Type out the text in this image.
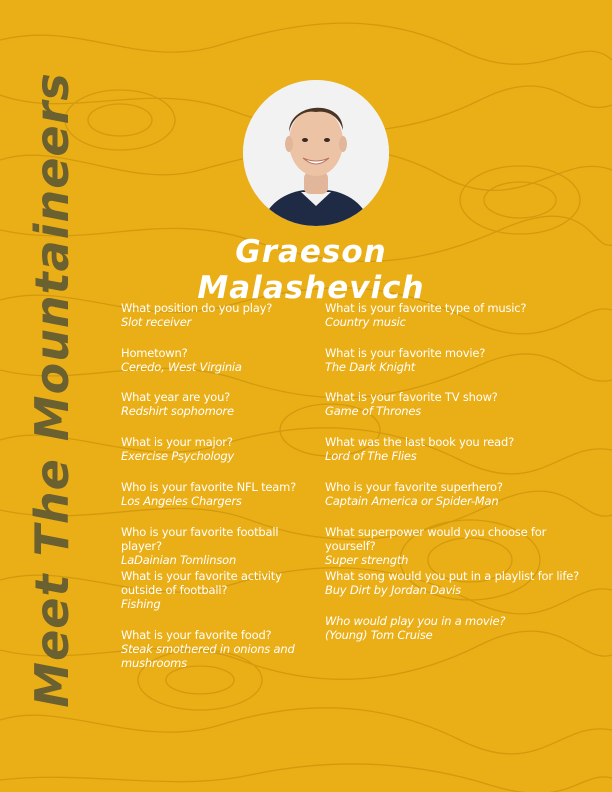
Meet The Mountaineers	Graeson Malashevich
What position do you play?
Slot receiver
Hometown?
Ceredo, West Virginia
What year are you?
Redshirt sophomore
What is your major?
Exercise Psychology
Who is your favorite NFL team?
Los Angeles Chargers
Who is your favorite football player?
LaDainian Tomlinson
What is your favorite activity outside of football?
Fishing
What is your favorite food?
Steak smothered in onions and mushrooms
What is your favorite type of music?
Country music
What is your favorite movie?
The Dark Knight
What is your favorite TV show?
Game of Thrones
What was the last book you read?
Lord of The Flies
Who is your favorite superhero?
Captain America or Spider-Man
What superpower would you choose for yourself?
Super strength
What song would you put in a playlist for life?
Buy Dirt by Jordan Davis
Who would play you in a movie?
(Young) Tom Cruise
